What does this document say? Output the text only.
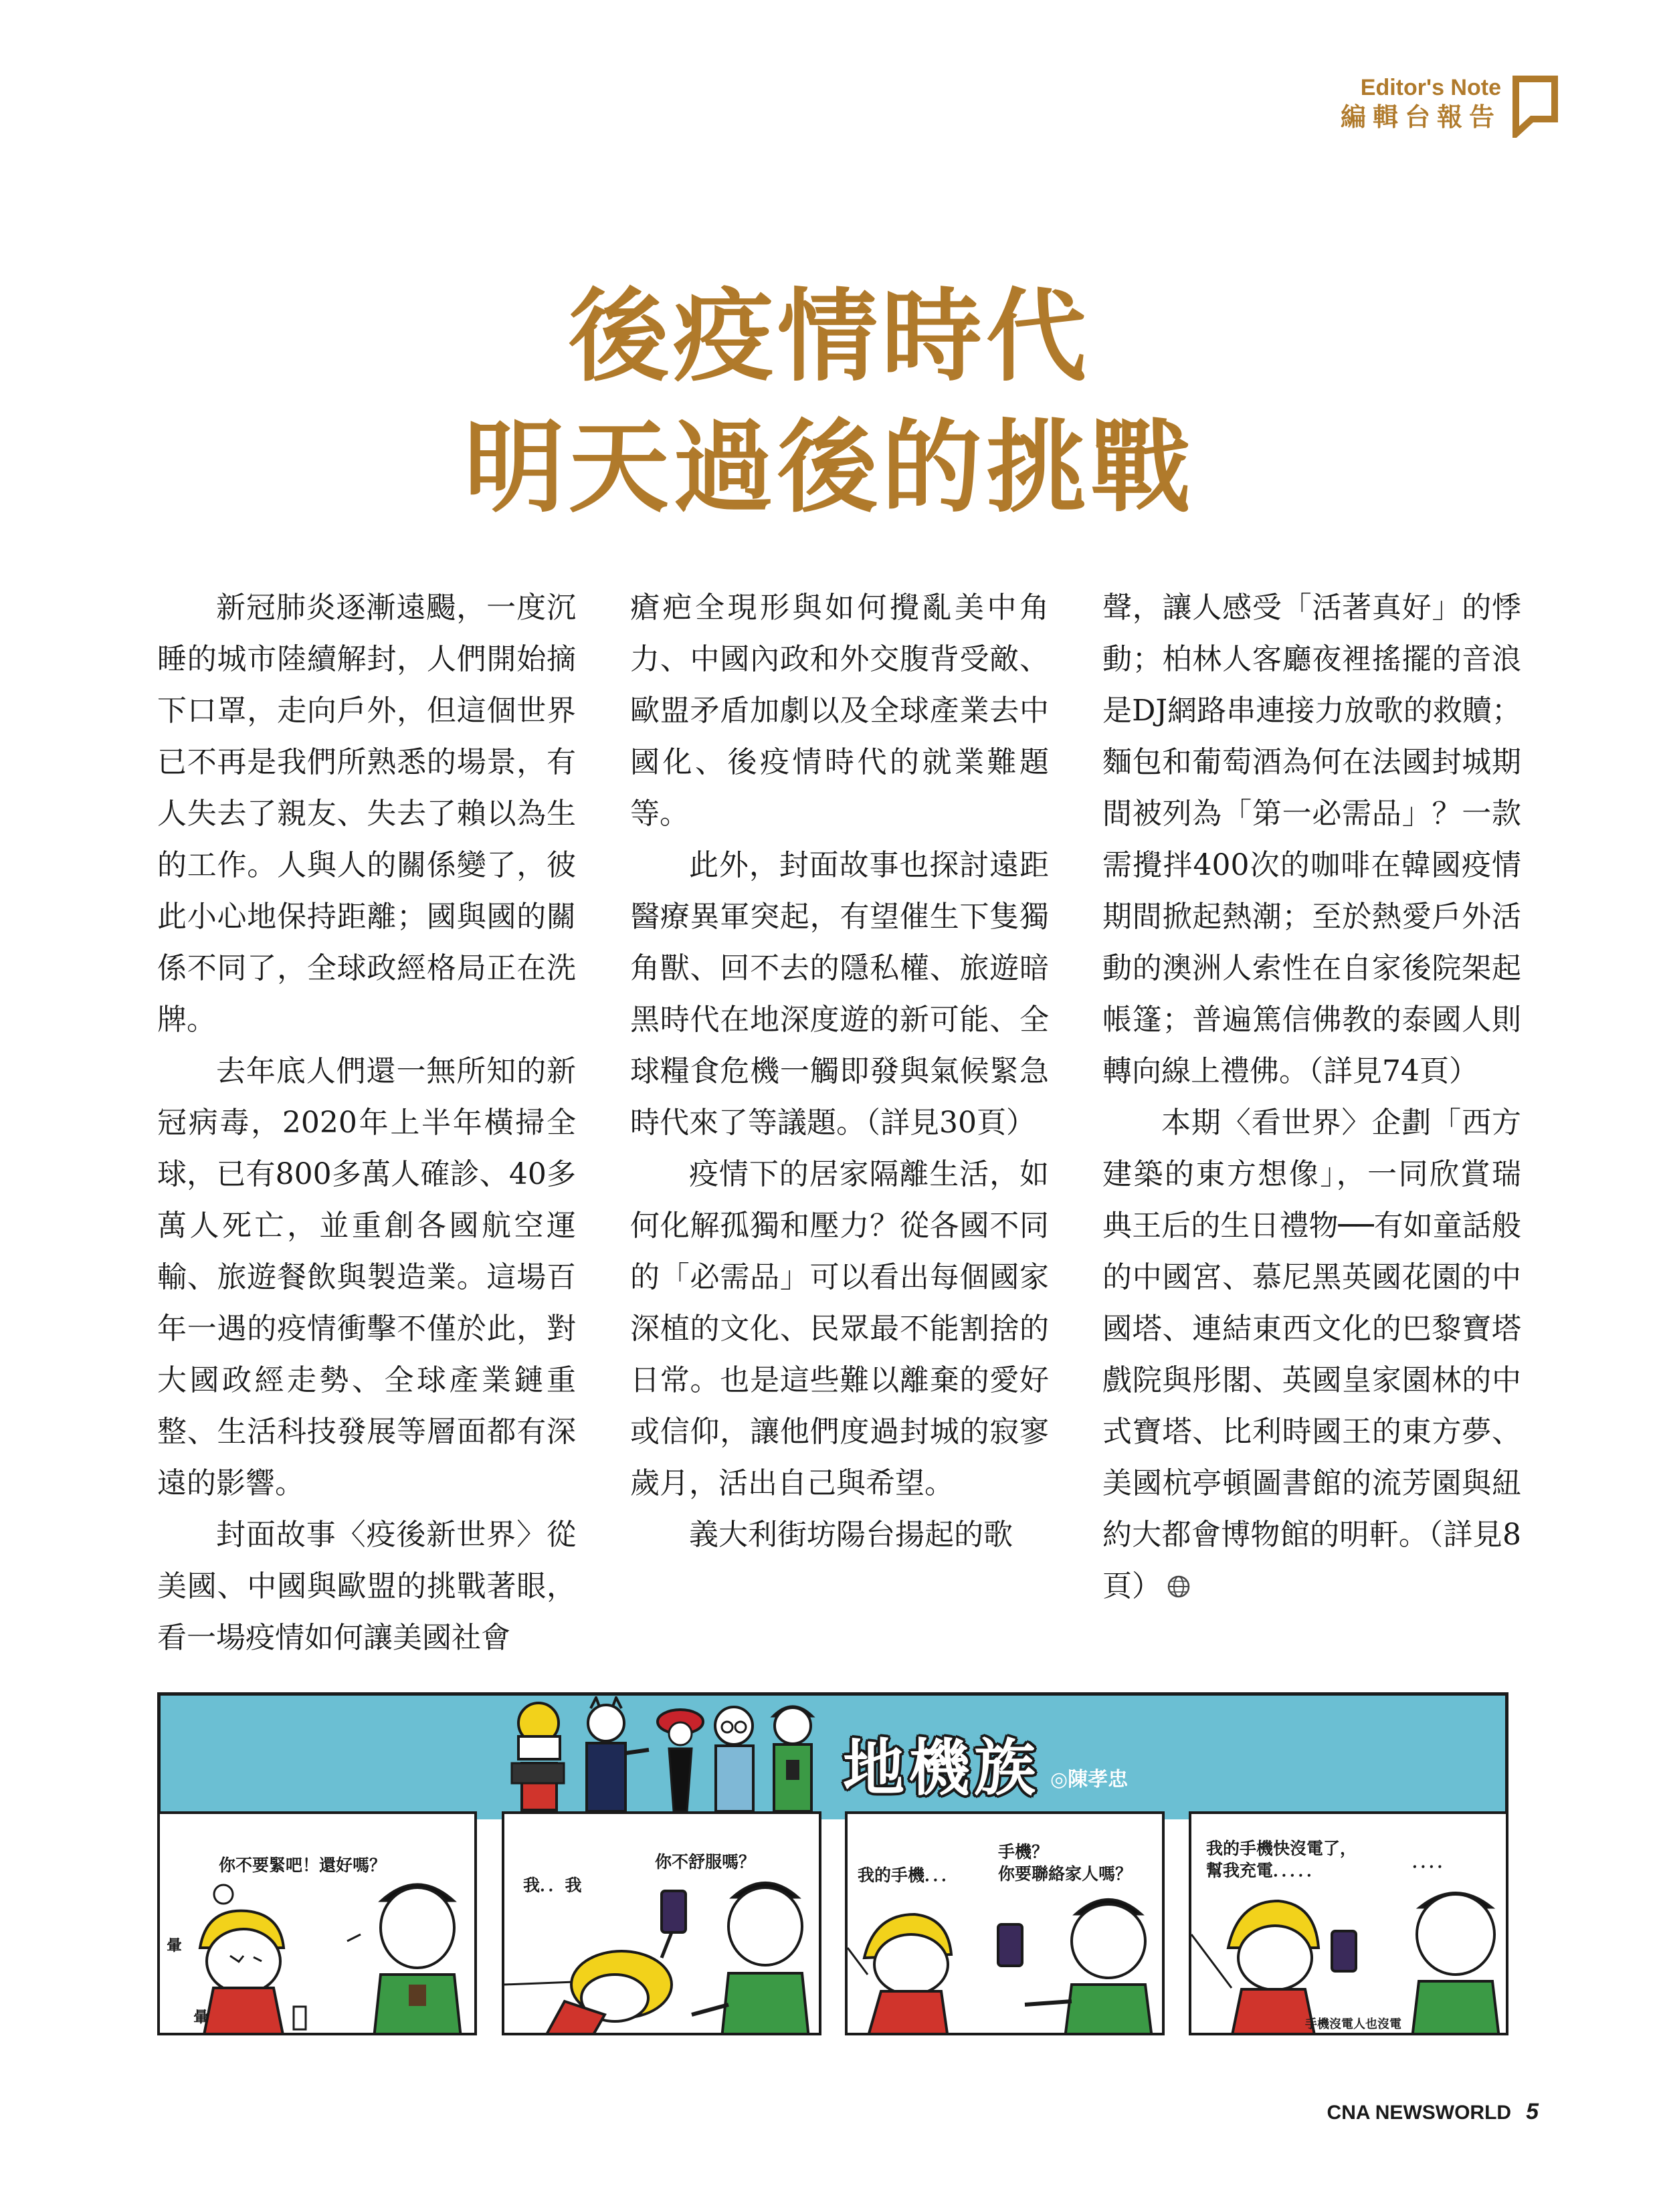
Editor's Note
編輯台報告
後疫情時代
明天過後的挑戰

新冠肺炎逐漸遠颺，一度沉睡的城市陸續解封，人們開始摘下口罩，走向戶外，但這個世界已不再是我們所熟悉的場景，有人失去了親友、失去了賴以為生的工作。人與人的關係變了，彼此小心地保持距離；國與國的關係不同了，全球政經格局正在洗牌。

去年底人們還一無所知的新冠病毒，2020年上半年橫掃全球，已有800多萬人確診、40多萬人死亡，並重創各國航空運輸、旅遊餐飲與製造業。這場百年一遇的疫情衝擊不僅於此，對大國政經走勢、全球產業鏈重整、生活科技發展等層面都有深遠的影響。

封面故事〈疫後新世界〉從美國、中國與歐盟的挑戰著眼，看一場疫情如何讓美國社會

瘡疤全現形與如何攪亂美中角力、中國內政和外交腹背受敵、歐盟矛盾加劇以及全球產業去中國化、後疫情時代的就業難題等。

此外，封面故事也探討遠距醫療異軍突起，有望催生下隻獨角獸、回不去的隱私權、旅遊暗黑時代在地深度遊的新可能、全球糧食危機一觸即發與氣候緊急時代來了等議題。（詳見30頁）

疫情下的居家隔離生活，如何化解孤獨和壓力？從各國不同的「必需品」可以看出每個國家深植的文化、民眾最不能割捨的日常。也是這些難以離棄的愛好或信仰，讓他們度過封城的寂寥歲月，活出自己與希望。

義大利街坊陽台揚起的歌

聲，讓人感受「活著真好」的悸動；柏林人客廳夜裡搖擺的音浪是DJ網路串連接力放歌的救贖；麵包和葡萄酒為何在法國封城期間被列為「第一必需品」？一款需攪拌400次的咖啡在韓國疫情期間掀起熱潮；至於熱愛戶外活動的澳洲人索性在自家後院架起帳篷；普遍篤信佛教的泰國人則轉向線上禮佛。（詳見74頁）

本期〈看世界〉企劃「西方建築的東方想像」，一同欣賞瑞典王后的生日禮物──有如童話般的中國宮、慕尼黑英國花園的中國塔、連結東西文化的巴黎寶塔戲院與彤閣、英國皇家園林的中式寶塔、比利時國王的東方夢、美國杭亭頓圖書館的流芳園與紐約大都會博物館的明軒。（詳見8頁）

地機族 ◎陳孝忠
你不要緊吧！還好嗎？
暈
暈
我．．我
你不舒服嗎？
我的手機．．．
手機？
你要聯絡家人嗎？
我的手機快沒電了，
幫我充電．．．．．	．．．．
手機沒電人也沒電
CNA NEWSWORLD 5
